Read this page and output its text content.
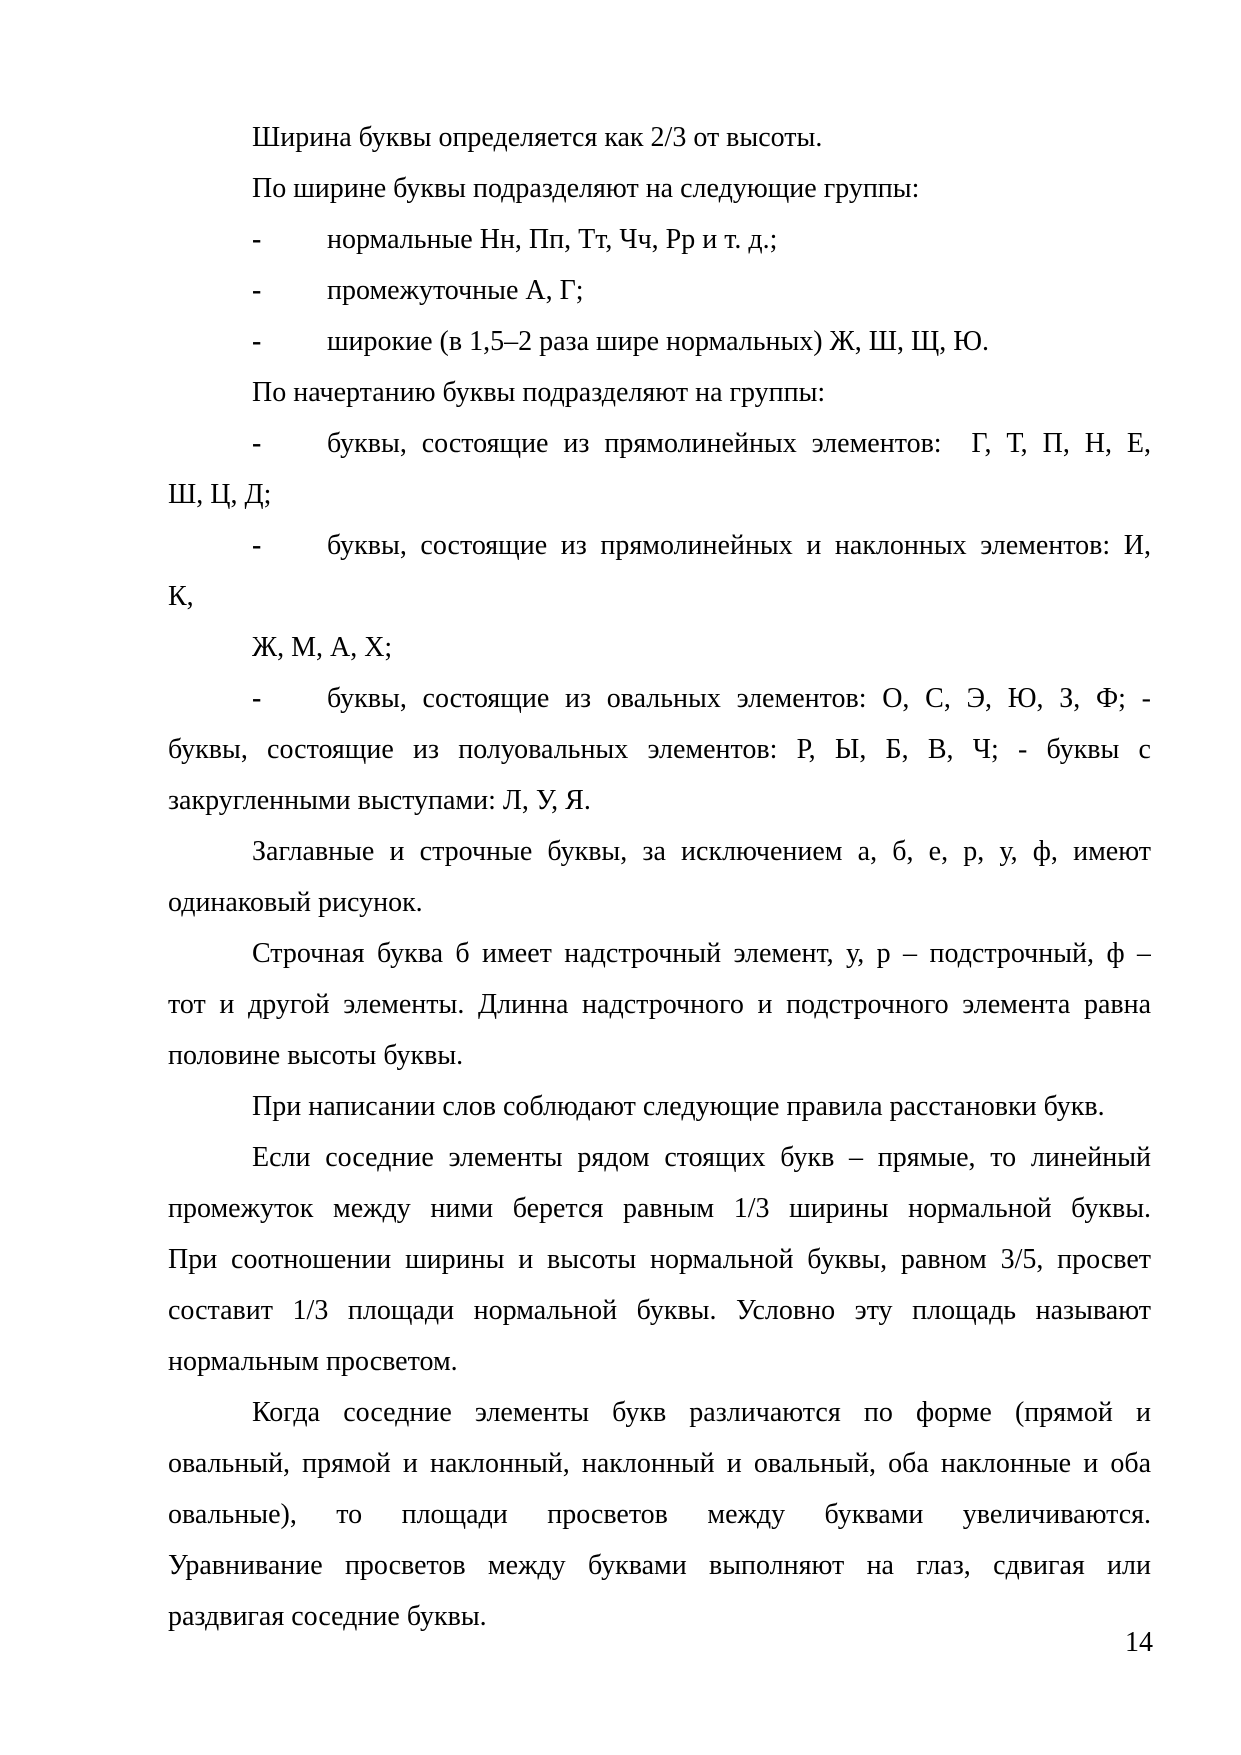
Ширина буквы определяется как 2/3 от высоты.
По ширине буквы подразделяют на следующие группы:
- нормальные Нн, Пп, Тт, Чч, Рр и т. д.;
- промежуточные А, Г;
- широкие (в 1,5–2 раза шире нормальных) Ж, Ш, Щ, Ю.
По начертанию буквы подразделяют на группы:
- буквы, состоящие из прямолинейных элементов:  Г, Т, П, Н, Е,
Ш, Ц, Д;
- буквы, состоящие из прямолинейных и наклонных элементов: И,
К,
Ж, М, А, Х;
- буквы, состоящие из овальных элементов: О, С, Э, Ю, З, Ф; -
буквы, состоящие из полуовальных элементов: Р, Ы, Б, В, Ч; - буквы с
закругленными выступами: Л, У, Я.
Заглавные и строчные буквы, за исключением а, б, е, р, у, ф, имеют
одинаковый рисунок.
Строчная буква б имеет надстрочный элемент, у, р – подстрочный, ф –
тот и другой элементы. Длинна надстрочного и подстрочного элемента равна
половине высоты буквы.
При написании слов соблюдают следующие правила расстановки букв.
Если соседние элементы рядом стоящих букв – прямые, то линейный
промежуток между ними берется равным 1/3 ширины нормальной буквы.
При соотношении ширины и высоты нормальной буквы, равном 3/5, просвет
составит 1/3 площади нормальной буквы. Условно эту площадь называют
нормальным просветом.
Когда соседние элементы букв различаются по форме (прямой и
овальный, прямой и наклонный, наклонный и овальный, оба наклонные и оба
овальные), то площади просветов между буквами увеличиваются.
Уравнивание просветов между буквами выполняют на глаз, сдвигая или
раздвигая соседние буквы.
14
